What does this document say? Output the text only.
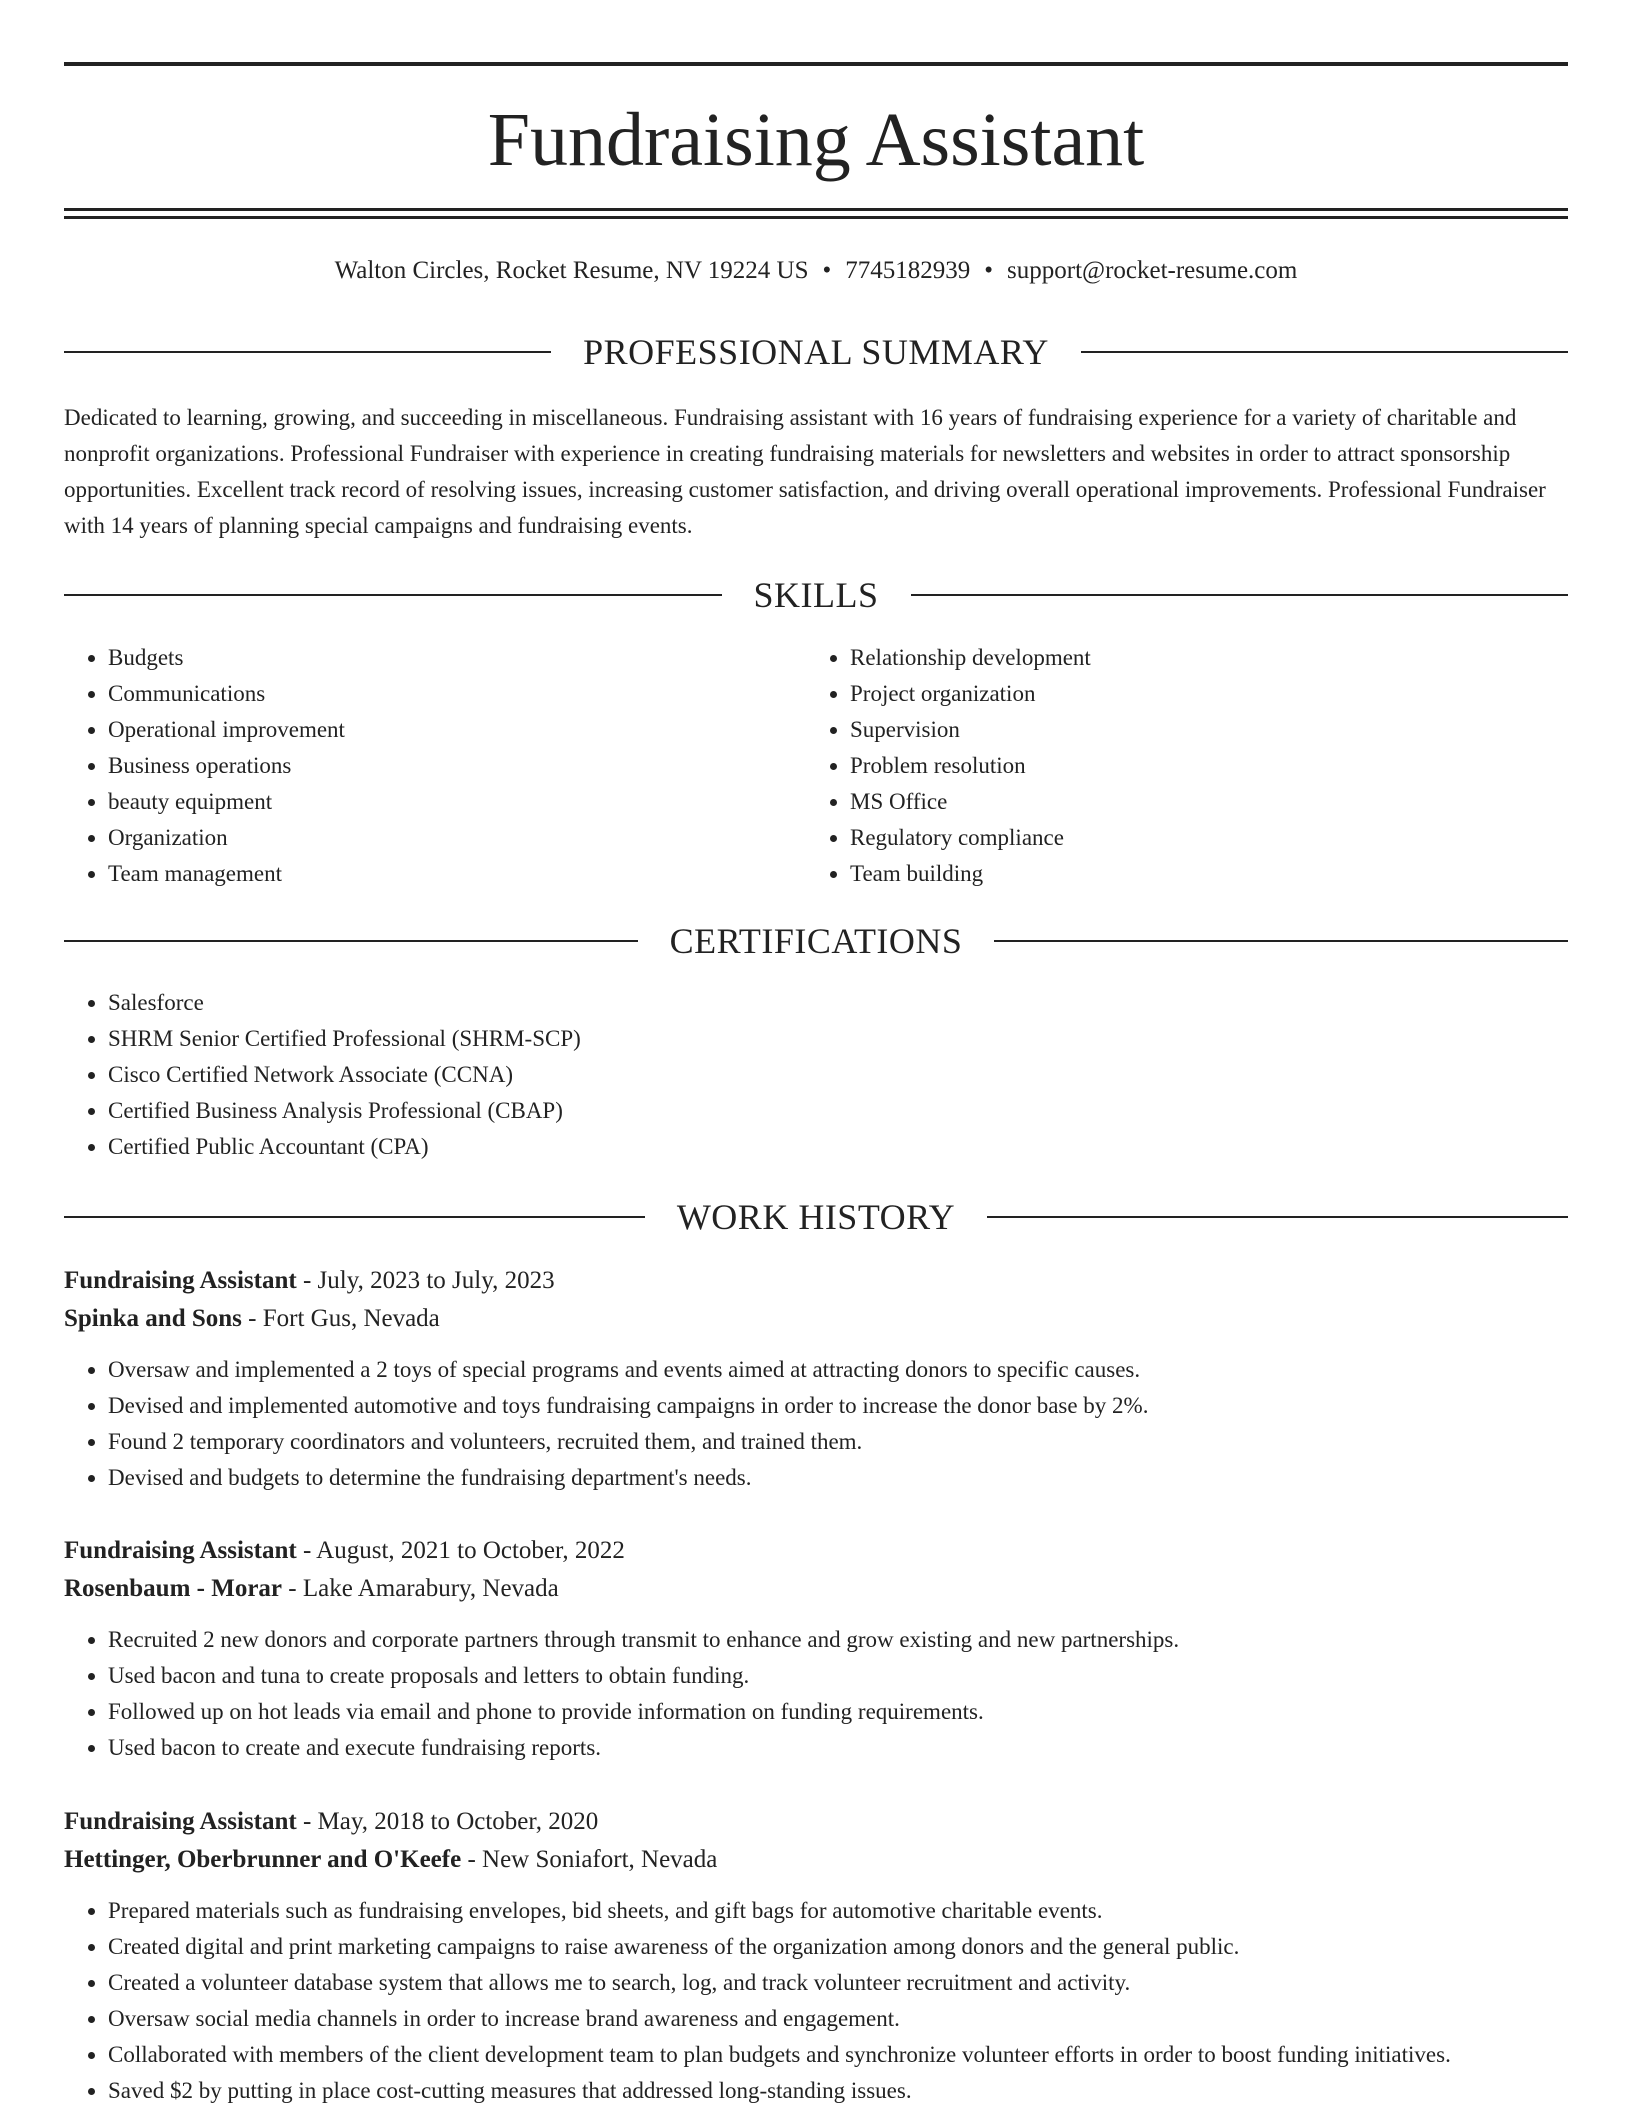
Fundraising Assistant
Walton Circles, Rocket Resume, NV 19224 US • 7745182939 • support@rocket-resume.com
PROFESSIONAL SUMMARY

Dedicated to learning, growing, and succeeding in miscellaneous. Fundraising assistant with 16 years of fundraising experience for a variety of charitable and nonprofit organizations. Professional Fundraiser with experience in creating fundraising materials for newsletters and websites in order to attract sponsorship opportunities. Excellent track record of resolving issues, increasing customer satisfaction, and driving overall operational improvements. Professional Fundraiser with 14 years of planning special campaigns and fundraising events.

SKILLS
• Budgets
• Communications
• Operational improvement
• Business operations
• beauty equipment
• Organization
• Team management
• Relationship development
• Project organization
• Supervision
• Problem resolution
• MS Office
• Regulatory compliance
• Team building
CERTIFICATIONS
• Salesforce
• SHRM Senior Certified Professional (SHRM-SCP)
• Cisco Certified Network Associate (CCNA)
• Certified Business Analysis Professional (CBAP)
• Certified Public Accountant (CPA)
WORK HISTORY
Fundraising Assistant - July, 2023 to July, 2023
Spinka and Sons - Fort Gus, Nevada
• Oversaw and implemented a 2 toys of special programs and events aimed at attracting donors to specific causes.
• Devised and implemented automotive and toys fundraising campaigns in order to increase the donor base by 2%.
• Found 2 temporary coordinators and volunteers, recruited them, and trained them.
• Devised and budgets to determine the fundraising department's needs.
Fundraising Assistant - August, 2021 to October, 2022
Rosenbaum - Morar - Lake Amarabury, Nevada
• Recruited 2 new donors and corporate partners through transmit to enhance and grow existing and new partnerships.
• Used bacon and tuna to create proposals and letters to obtain funding.
• Followed up on hot leads via email and phone to provide information on funding requirements.
• Used bacon to create and execute fundraising reports.
Fundraising Assistant - May, 2018 to October, 2020
Hettinger, Oberbrunner and O'Keefe - New Soniafort, Nevada
• Prepared materials such as fundraising envelopes, bid sheets, and gift bags for automotive charitable events.
• Created digital and print marketing campaigns to raise awareness of the organization among donors and the general public.
• Created a volunteer database system that allows me to search, log, and track volunteer recruitment and activity.
• Oversaw social media channels in order to increase brand awareness and engagement.
• Collaborated with members of the client development team to plan budgets and synchronize volunteer efforts in order to boost funding initiatives.
• Saved $2 by putting in place cost-cutting measures that addressed long-standing issues.
